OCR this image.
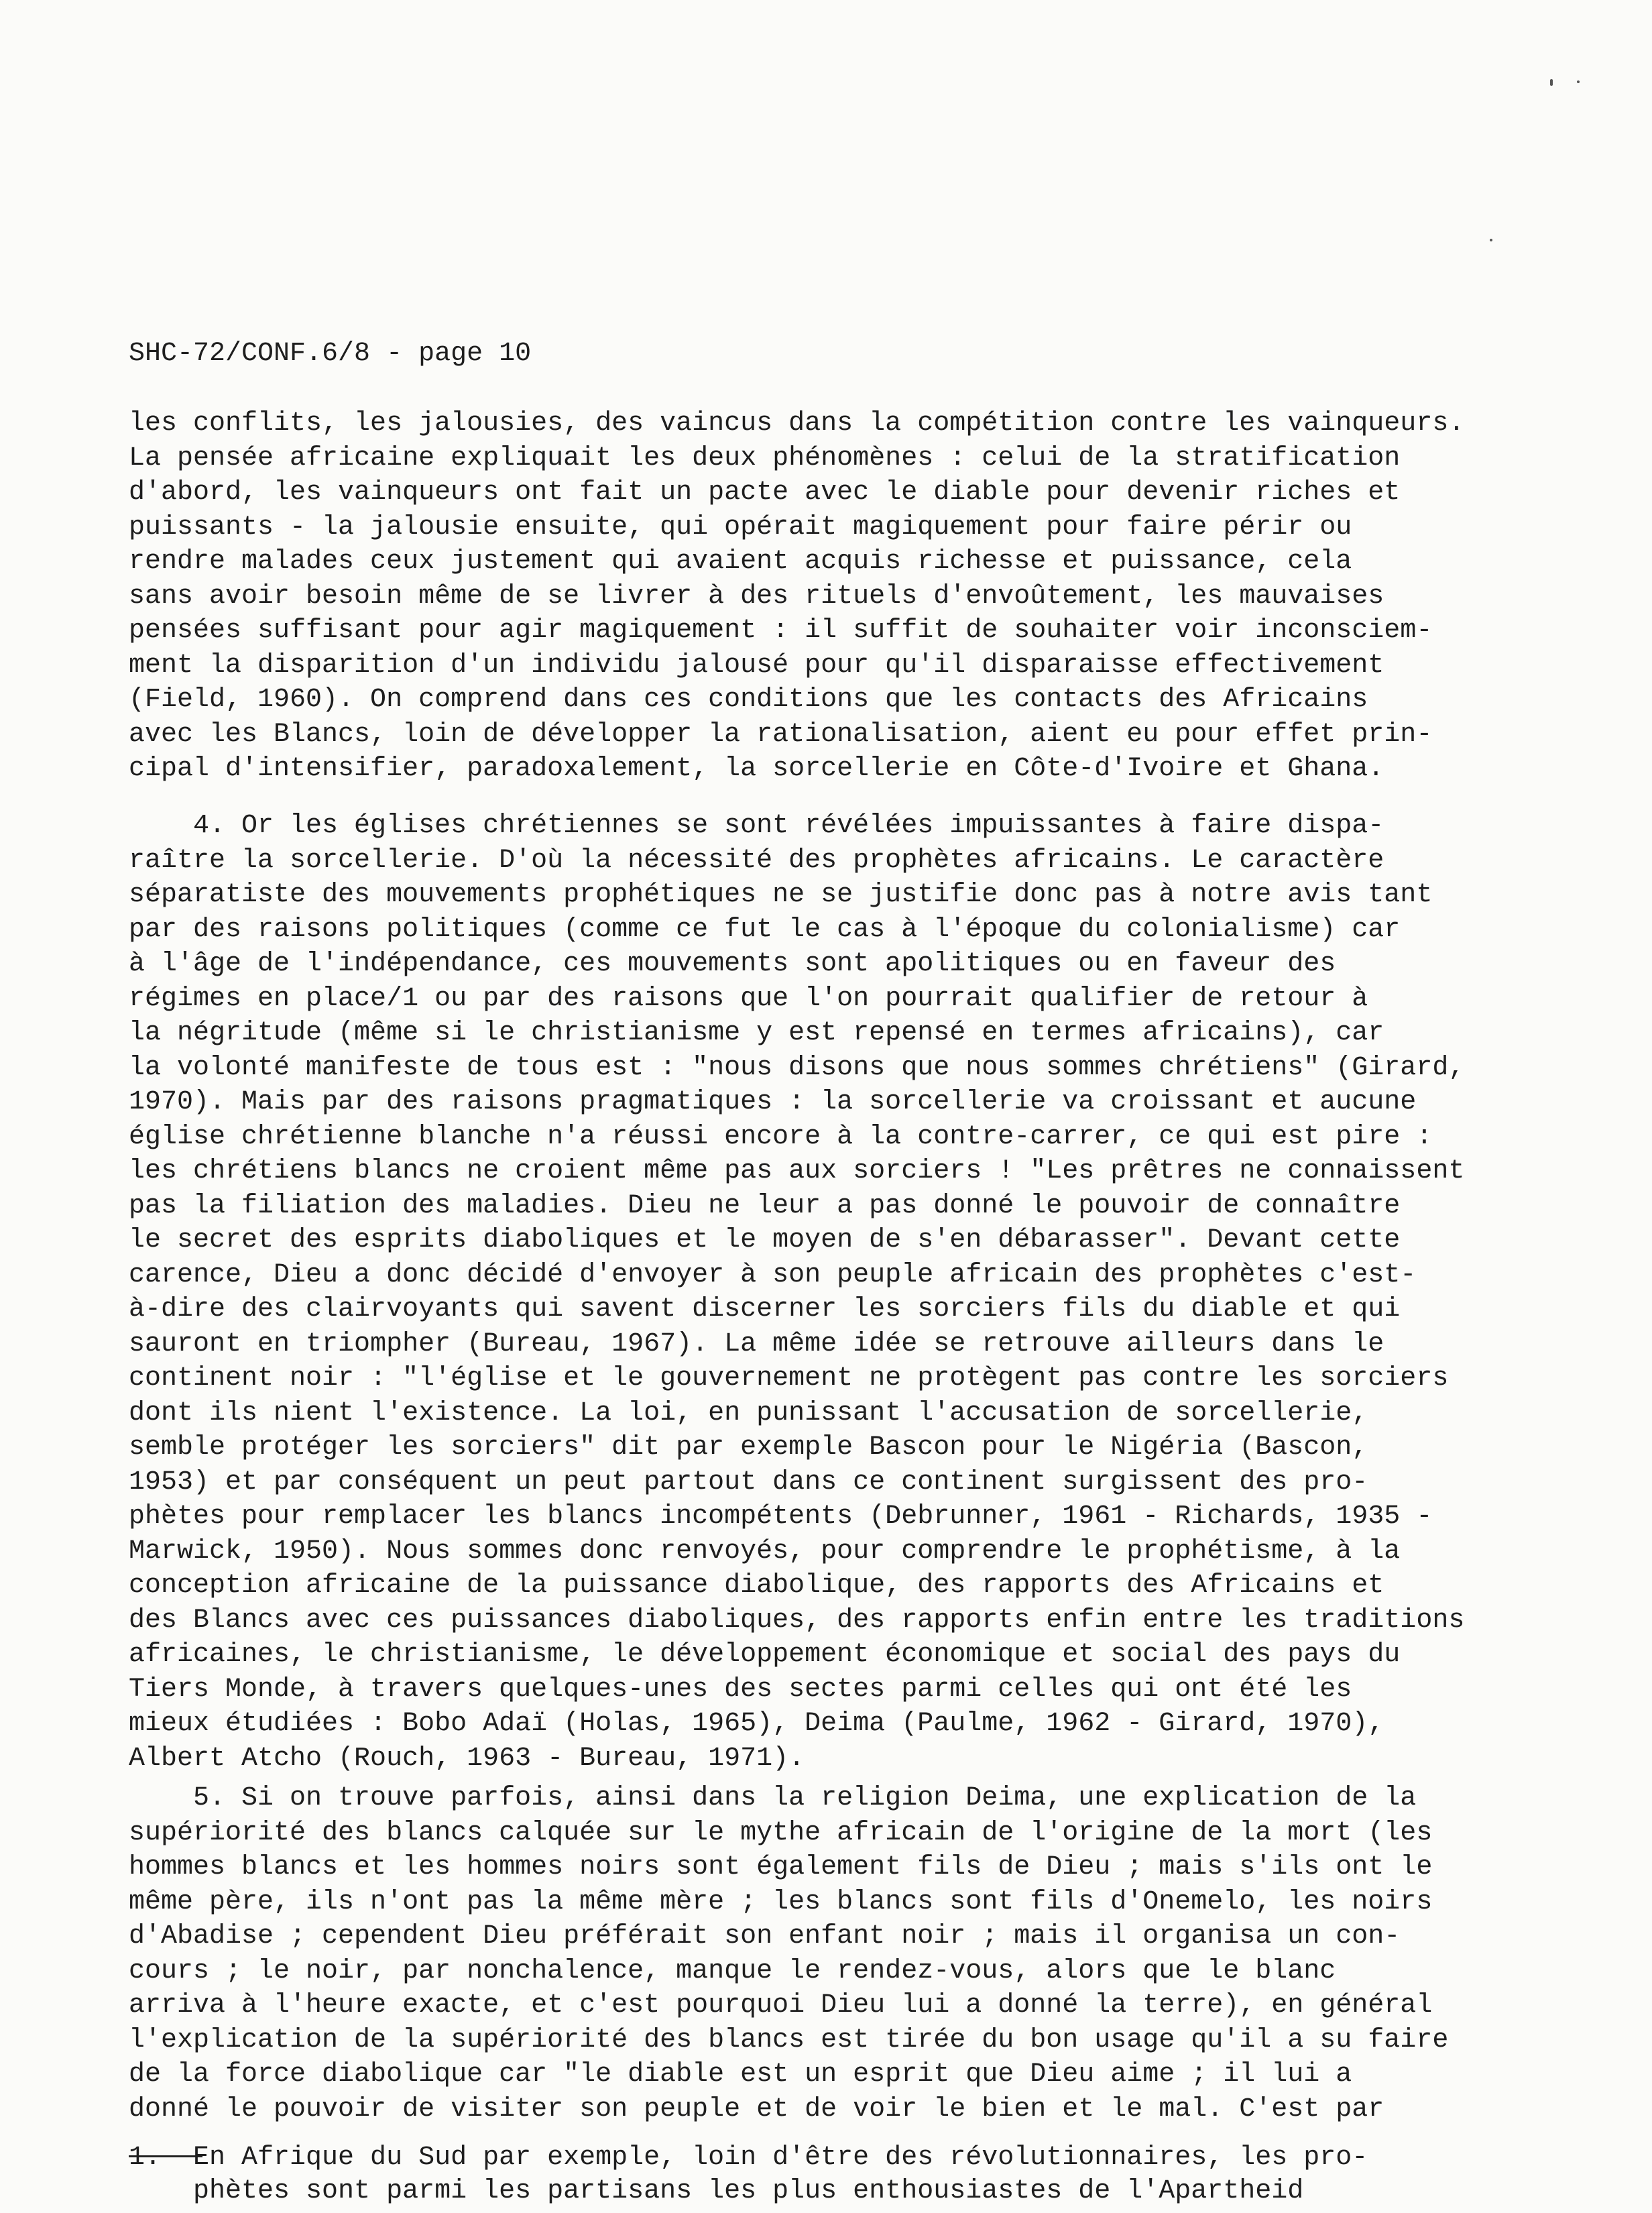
SHC-72/CONF.6/8 - page 10
les conflits, les jalousies, des vaincus dans la compétition contre les vainqueurs.
La pensée africaine expliquait les deux phénomènes : celui de la stratification
d'abord, les vainqueurs ont fait un pacte avec le diable pour devenir riches et
puissants - la jalousie ensuite, qui opérait magiquement pour faire périr ou
rendre malades ceux justement qui avaient acquis richesse et puissance, cela
sans avoir besoin même de se livrer à des rituels d'envoûtement, les mauvaises
pensées suffisant pour agir magiquement : il suffit de souhaiter voir inconsciem-
ment la disparition d'un individu jalousé pour qu'il disparaisse effectivement
(Field, 1960). On comprend dans ces conditions que les contacts des Africains
avec les Blancs, loin de développer la rationalisation, aient eu pour effet prin-
cipal d'intensifier, paradoxalement, la sorcellerie en Côte-d'Ivoire et Ghana.
4. Or les églises chrétiennes se sont révélées impuissantes à faire dispa-
raître la sorcellerie. D'où la nécessité des prophètes africains. Le caractère
séparatiste des mouvements prophétiques ne se justifie donc pas à notre avis tant
par des raisons politiques (comme ce fut le cas à l'époque du colonialisme) car
à l'âge de l'indépendance, ces mouvements sont apolitiques ou en faveur des
régimes en place/1 ou par des raisons que l'on pourrait qualifier de retour à
la négritude (même si le christianisme y est repensé en termes africains), car
la volonté manifeste de tous est : "nous disons que nous sommes chrétiens" (Girard,
1970). Mais par des raisons pragmatiques : la sorcellerie va croissant et aucune
église chrétienne blanche n'a réussi encore à la contre-carrer, ce qui est pire :
les chrétiens blancs ne croient même pas aux sorciers ! "Les prêtres ne connaissent
pas la filiation des maladies. Dieu ne leur a pas donné le pouvoir de connaître
le secret des esprits diaboliques et le moyen de s'en débarasser". Devant cette
carence, Dieu a donc décidé d'envoyer à son peuple africain des prophètes c'est-
à-dire des clairvoyants qui savent discerner les sorciers fils du diable et qui
sauront en triompher (Bureau, 1967). La même idée se retrouve ailleurs dans le
continent noir : "l'église et le gouvernement ne protègent pas contre les sorciers
dont ils nient l'existence. La loi, en punissant l'accusation de sorcellerie,
semble protéger les sorciers" dit par exemple Bascon pour le Nigéria (Bascon,
1953) et par conséquent un peut partout dans ce continent surgissent des pro-
phètes pour remplacer les blancs incompétents (Debrunner, 1961 - Richards, 1935 -
Marwick, 1950). Nous sommes donc renvoyés, pour comprendre le prophétisme, à la
conception africaine de la puissance diabolique, des rapports des Africains et
des Blancs avec ces puissances diaboliques, des rapports enfin entre les traditions
africaines, le christianisme, le développement économique et social des pays du
Tiers Monde, à travers quelques-unes des sectes parmi celles qui ont été les
mieux étudiées : Bobo Adaï (Holas, 1965), Deima (Paulme, 1962 - Girard, 1970),
Albert Atcho (Rouch, 1963 - Bureau, 1971).
5. Si on trouve parfois, ainsi dans la religion Deima, une explication de la
supériorité des blancs calquée sur le mythe africain de l'origine de la mort (les
hommes blancs et les hommes noirs sont également fils de Dieu ; mais s'ils ont le
même père, ils n'ont pas la même mère ; les blancs sont fils d'Onemelo, les noirs
d'Abadise ; cependent Dieu préférait son enfant noir ; mais il organisa un con-
cours ; le noir, par nonchalence, manque le rendez-vous, alors que le blanc
arriva à l'heure exacte, et c'est pourquoi Dieu lui a donné la terre), en général
l'explication de la supériorité des blancs est tirée du bon usage qu'il a su faire
de la force diabolique car "le diable est un esprit que Dieu aime ; il lui a
donné le pouvoir de visiter son peuple et de voir le bien et le mal. C'est par
1.  En Afrique du Sud par exemple, loin d'être des révolutionnaires, les pro-
phètes sont parmi les partisans les plus enthousiastes de l'Apartheid
